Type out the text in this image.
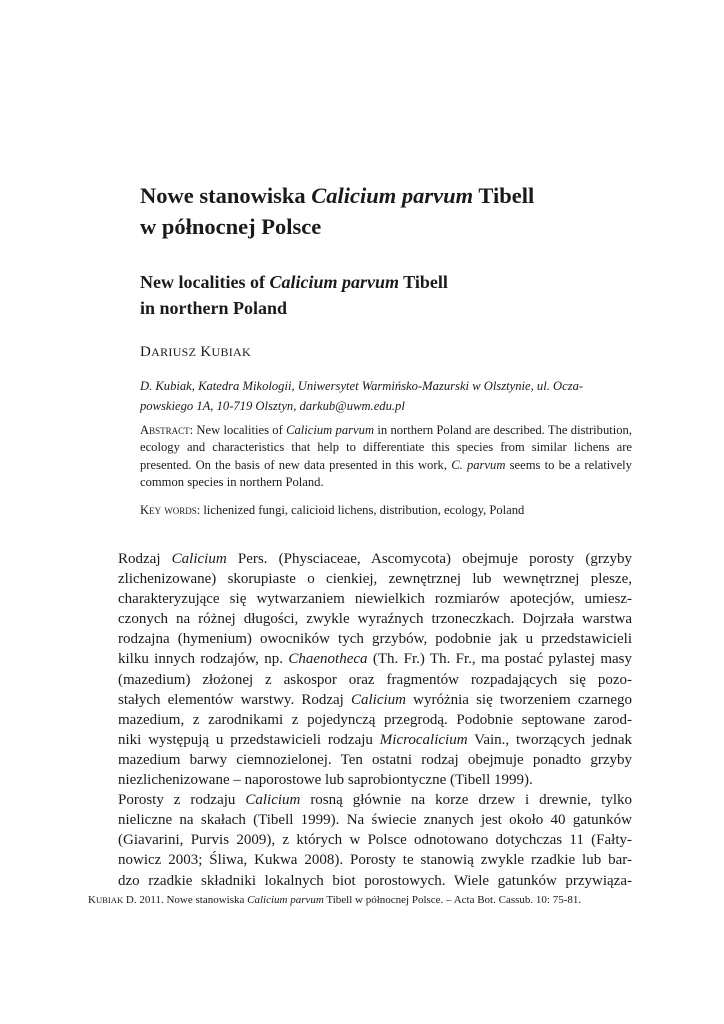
Nowe stanowiska Calicium parvum Tibell
w północnej Polsce
New localities of Calicium parvum Tibell
in northern Poland

DARIUSZ KUBIAK

D. Kubiak, Katedra Mikologii, Uniwersytet Warmińsko-Mazurski w Olsztynie, ul. Ocza-
powskiego 1A, 10-719 Olsztyn, darkub@uwm.edu.pl

Abstract: New localities of Calicium parvum in northern Poland are described. The distribution, ecology and characteristics that help to differentiate this species from similar lichens are presented. On the basis of new data presented in this work, C. parvum seems to be a relatively common species in northern Poland.

Key words: lichenized fungi, calicioid lichens, distribution, ecology, Poland

Rodzaj Calicium Pers. (Physciaceae, Ascomycota) obejmuje porosty (grzyby
zlichenizowane) skorupiaste o cienkiej, zewnętrznej lub wewnętrznej plesze,
charakteryzujące się wytwarzaniem niewielkich rozmiarów apotecjów, umiesz-
czonych na różnej długości, zwykle wyraźnych trzoneczkach. Dojrzała warstwa
rodzajna (hymenium) owocników tych grzybów, podobnie jak u przedstawicieli
kilku innych rodzajów, np. Chaenotheca (Th. Fr.) Th. Fr., ma postać pylastej masy
(mazedium) złożonej z askospor oraz fragmentów rozpadających się pozo-
stałych elementów warstwy. Rodzaj Calicium wyróżnia się tworzeniem czarnego
mazedium, z zarodnikami z pojedynczą przegrodą. Podobnie septowane zarod-
niki występują u przedstawicieli rodzaju Microcalicium Vain., tworzących jednak
mazedium barwy ciemnozielonej. Ten ostatni rodzaj obejmuje ponadto grzyby
niezlichenizowane – naporostowe lub saprobiontyczne (Tibell 1999).

Porosty z rodzaju Calicium rosną głównie na korze drzew i drewnie, tylko
nieliczne na skałach (Tibell 1999). Na świecie znanych jest około 40 gatunków
(Giavarini, Purvis 2009), z których w Polsce odnotowano dotychczas 11 (Fałty-
nowicz 2003; Śliwa, Kukwa 2008). Porosty te stanowią zwykle rzadkie lub bar-
dzo rzadkie składniki lokalnych biot porostowych. Wiele gatunków przywiąza-

KUBIAK D. 2011. Nowe stanowiska Calicium parvum Tibell w północnej Polsce. – Acta Bot. Cassub. 10: 75-81.
